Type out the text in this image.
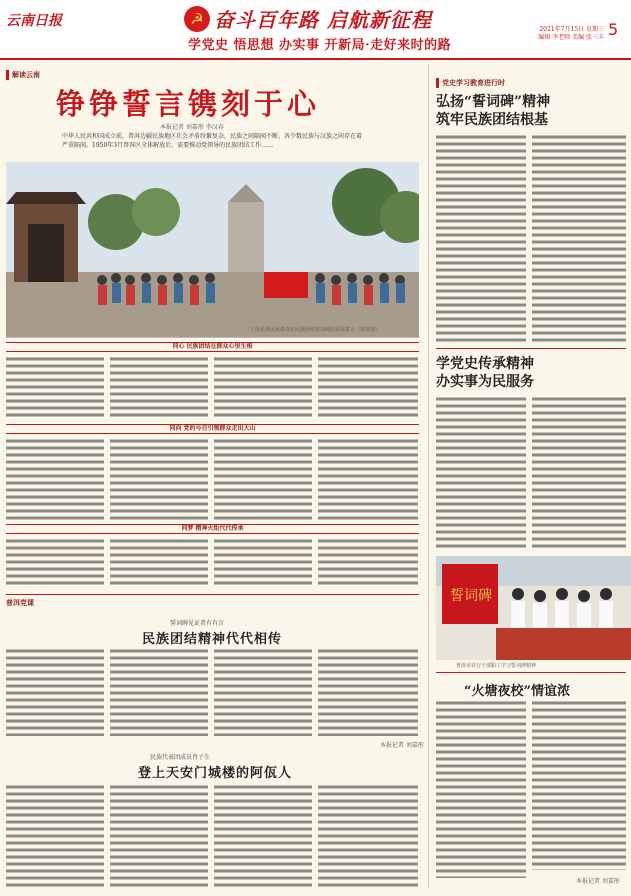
云南日报	☭ 奋斗百年路 启航新征程
学党史 悟思想 办实事 开新局·走好来时的路
2021年7月15日 星期三
编辑 李老师 美编 张三丰 5
解读云南
铮铮誓言镌刻于心
本报记者 刘嘉彤 李汉春
中华人民共和国成立前，普洱边疆民族地区社会矛盾纷繁复杂，民族之间隔阂不断。各少数民族与汉族之间存在着严重隔阂。1950年3月普洱区全体解放后，需要推动党领导的民族团结工作……
宁洱县各民族群众在民族团结誓词碑前重温誓言（资料图）
同心 民族团结在群众心里生根
同向 党的号召引领群众走出大山
同梦 精神火炬代代传承
党史学习教育进行时
弘扬“誓词碑”精神
筑牢民族团结根基
学党史传承精神
办实事为民服务
誓词碑
普洱市农行干部职工学习誓词碑精神
“火塘夜校”情谊浓
本报记者 刘嘉彤
普洱党课
誓词碑见证者有有言
民族团结精神代代相传
本报记者 刘嘉彤
民族代表团成员肖子生
登上天安门城楼的阿佤人
